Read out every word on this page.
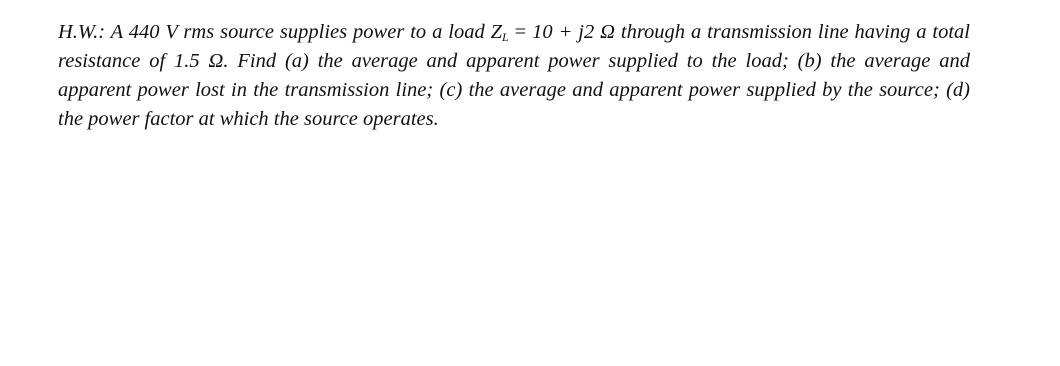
H.W.: A 440 V rms source supplies power to a load $Z_L = 10 + j2$ Ω through a transmission line having a total resistance of 1.5 Ω. Find (a) the average and apparent power supplied to the load; (b) the average and apparent power lost in the transmission line; (c) the average and apparent power supplied by the source; (d) the power factor at which the source operates.
